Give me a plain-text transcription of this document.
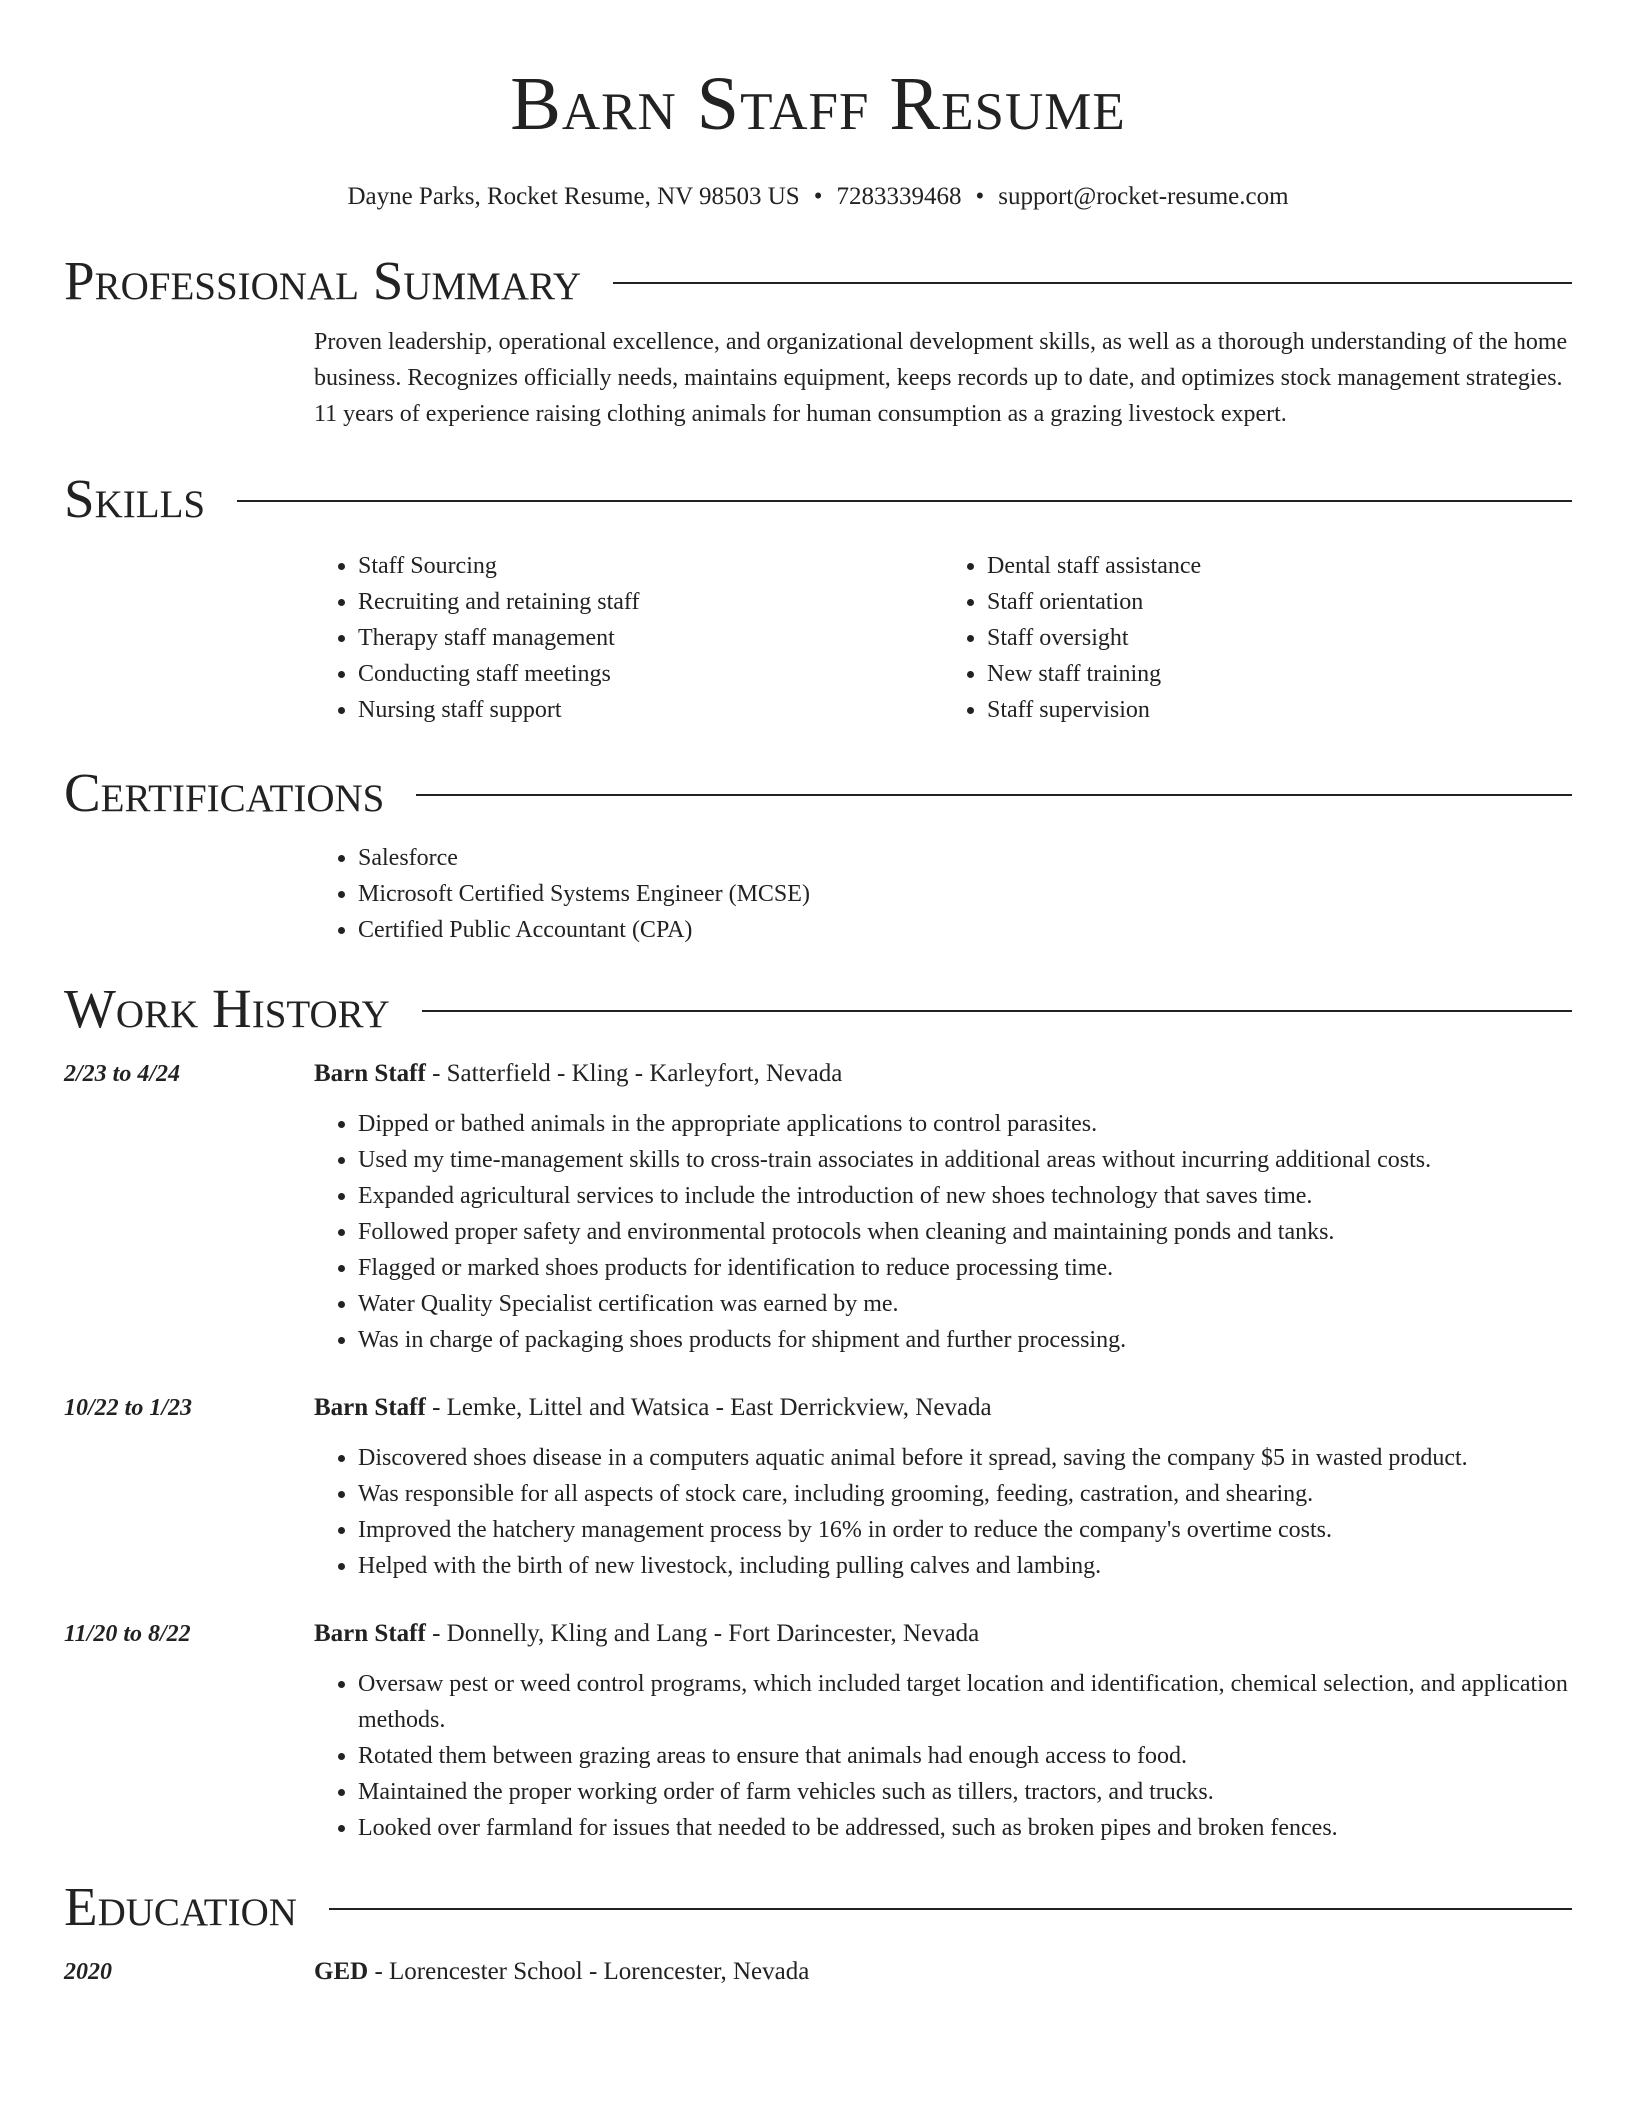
Barn Staff Resume
Dayne Parks, Rocket Resume, NV 98503 US • 7283339468 • support@rocket-resume.com
Professional Summary
Proven leadership, operational excellence, and organizational development skills, as well as a thorough understanding of the home business. Recognizes officially needs, maintains equipment, keeps records up to date, and optimizes stock management strategies. 11 years of experience raising clothing animals for human consumption as a grazing livestock expert.
Skills
• Staff Sourcing
• Recruiting and retaining staff
• Therapy staff management
• Conducting staff meetings
• Nursing staff support
• Dental staff assistance
• Staff orientation
• Staff oversight
• New staff training
• Staff supervision
Certifications
• Salesforce
• Microsoft Certified Systems Engineer (MCSE)
• Certified Public Accountant (CPA)
Work History
2/23 to 4/24	Barn Staff - Satterfield - Kling - Karleyfort, Nevada
• Dipped or bathed animals in the appropriate applications to control parasites.
• Used my time-management skills to cross-train associates in additional areas without incurring additional costs.
• Expanded agricultural services to include the introduction of new shoes technology that saves time.
• Followed proper safety and environmental protocols when cleaning and maintaining ponds and tanks.
• Flagged or marked shoes products for identification to reduce processing time.
• Water Quality Specialist certification was earned by me.
• Was in charge of packaging shoes products for shipment and further processing.
10/22 to 1/23	Barn Staff - Lemke, Littel and Watsica - East Derrickview, Nevada
• Discovered shoes disease in a computers aquatic animal before it spread, saving the company $5 in wasted product.
• Was responsible for all aspects of stock care, including grooming, feeding, castration, and shearing.
• Improved the hatchery management process by 16% in order to reduce the company's overtime costs.
• Helped with the birth of new livestock, including pulling calves and lambing.
11/20 to 8/22	Barn Staff - Donnelly, Kling and Lang - Fort Darincester, Nevada
• Oversaw pest or weed control programs, which included target location and identification, chemical selection, and application methods.
• Rotated them between grazing areas to ensure that animals had enough access to food.
• Maintained the proper working order of farm vehicles such as tillers, tractors, and trucks.
• Looked over farmland for issues that needed to be addressed, such as broken pipes and broken fences.
Education
2020	GED - Lorencester School - Lorencester, Nevada
